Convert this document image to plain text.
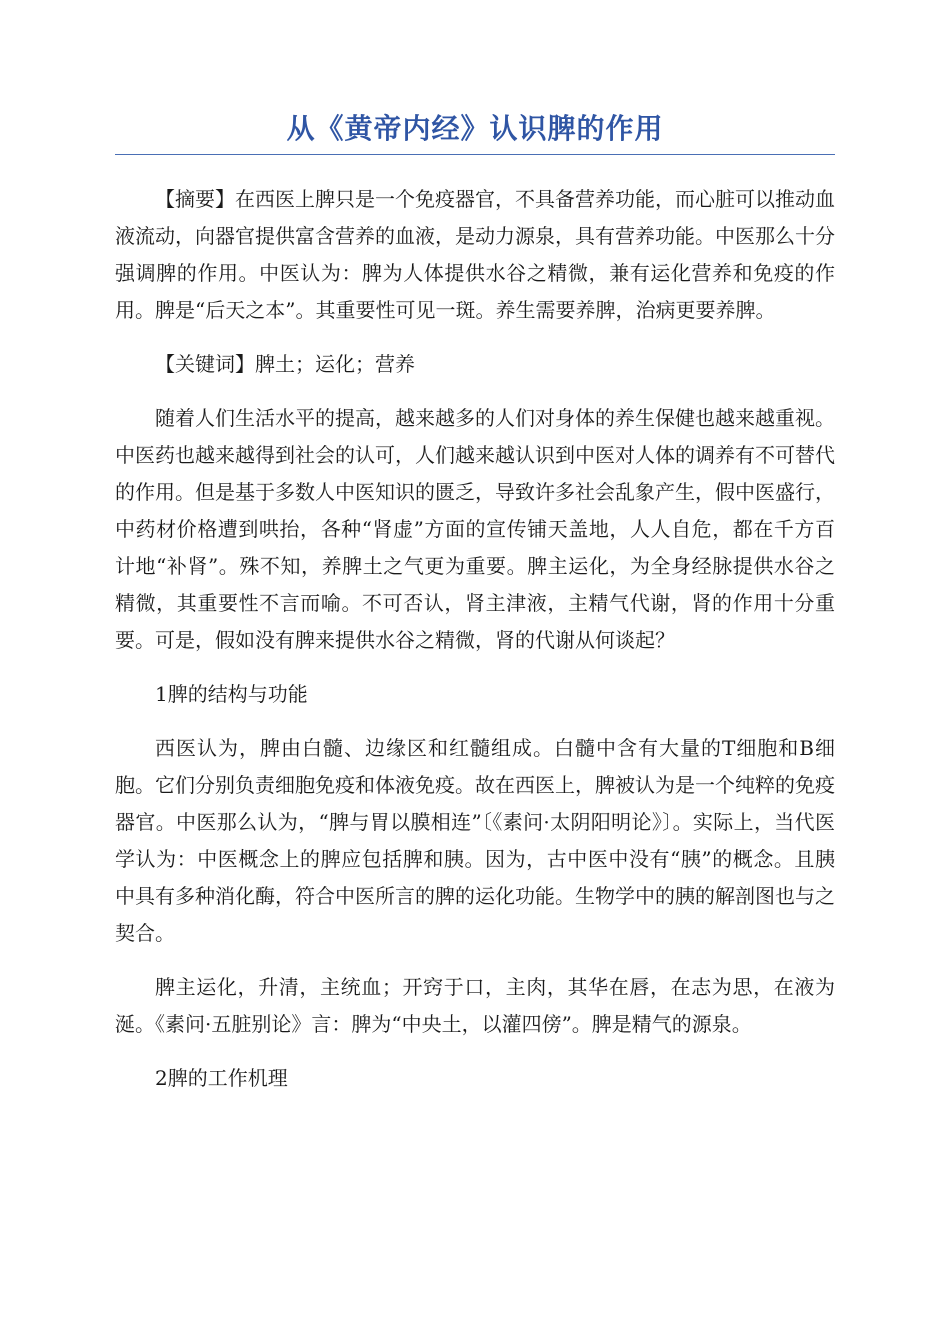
从《黄帝内经》认识脾的作用

【摘要】在西医上脾只是一个免疫器官，不具备营养功能，而心脏可以推动血液流动，向器官提供富含营养的血液，是动力源泉，具有营养功能。中医那么十分强调脾的作用。中医认为：脾为人体提供水谷之精微，兼有运化营养和免疫的作用。脾是“后天之本”。其重要性可见一斑。养生需要养脾，治病更要养脾。

【关键词】脾土；运化；营养

随着人们生活水平的提高，越来越多的人们对身体的养生保健也越来越重视。中医药也越来越得到社会的认可，人们越来越认识到中医对人体的调养有不可替代的作用。但是基于多数人中医知识的匮乏，导致许多社会乱象产生，假中医盛行，中药材价格遭到哄抬，各种“肾虚”方面的宣传铺天盖地，人人自危，都在千方百计地“补肾”。殊不知，养脾土之气更为重要。脾主运化，为全身经脉提供水谷之精微，其重要性不言而喻。不可否认，肾主津液，主精气代谢，肾的作用十分重要。可是，假如没有脾来提供水谷之精微，肾的代谢从何谈起？

1脾的结构与功能

西医认为，脾由白髓、边缘区和红髓组成。白髓中含有大量的T细胞和B细胞。它们分别负责细胞免疫和体液免疫。故在西医上，脾被认为是一个纯粹的免疫器官。中医那么认为，“脾与胃以膜相连”〔《素问·太阴阳明论》〕。实际上，当代医学认为：中医概念上的脾应包括脾和胰。因为，古中医中没有“胰”的概念。且胰中具有多种消化酶，符合中医所言的脾的运化功能。生物学中的胰的解剖图也与之契合。

脾主运化，升清，主统血；开窍于口，主肉，其华在唇，在志为思，在液为涎。《素问·五脏别论》言：脾为“中央土，以灌四傍”。脾是精气的源泉。

2脾的工作机理
